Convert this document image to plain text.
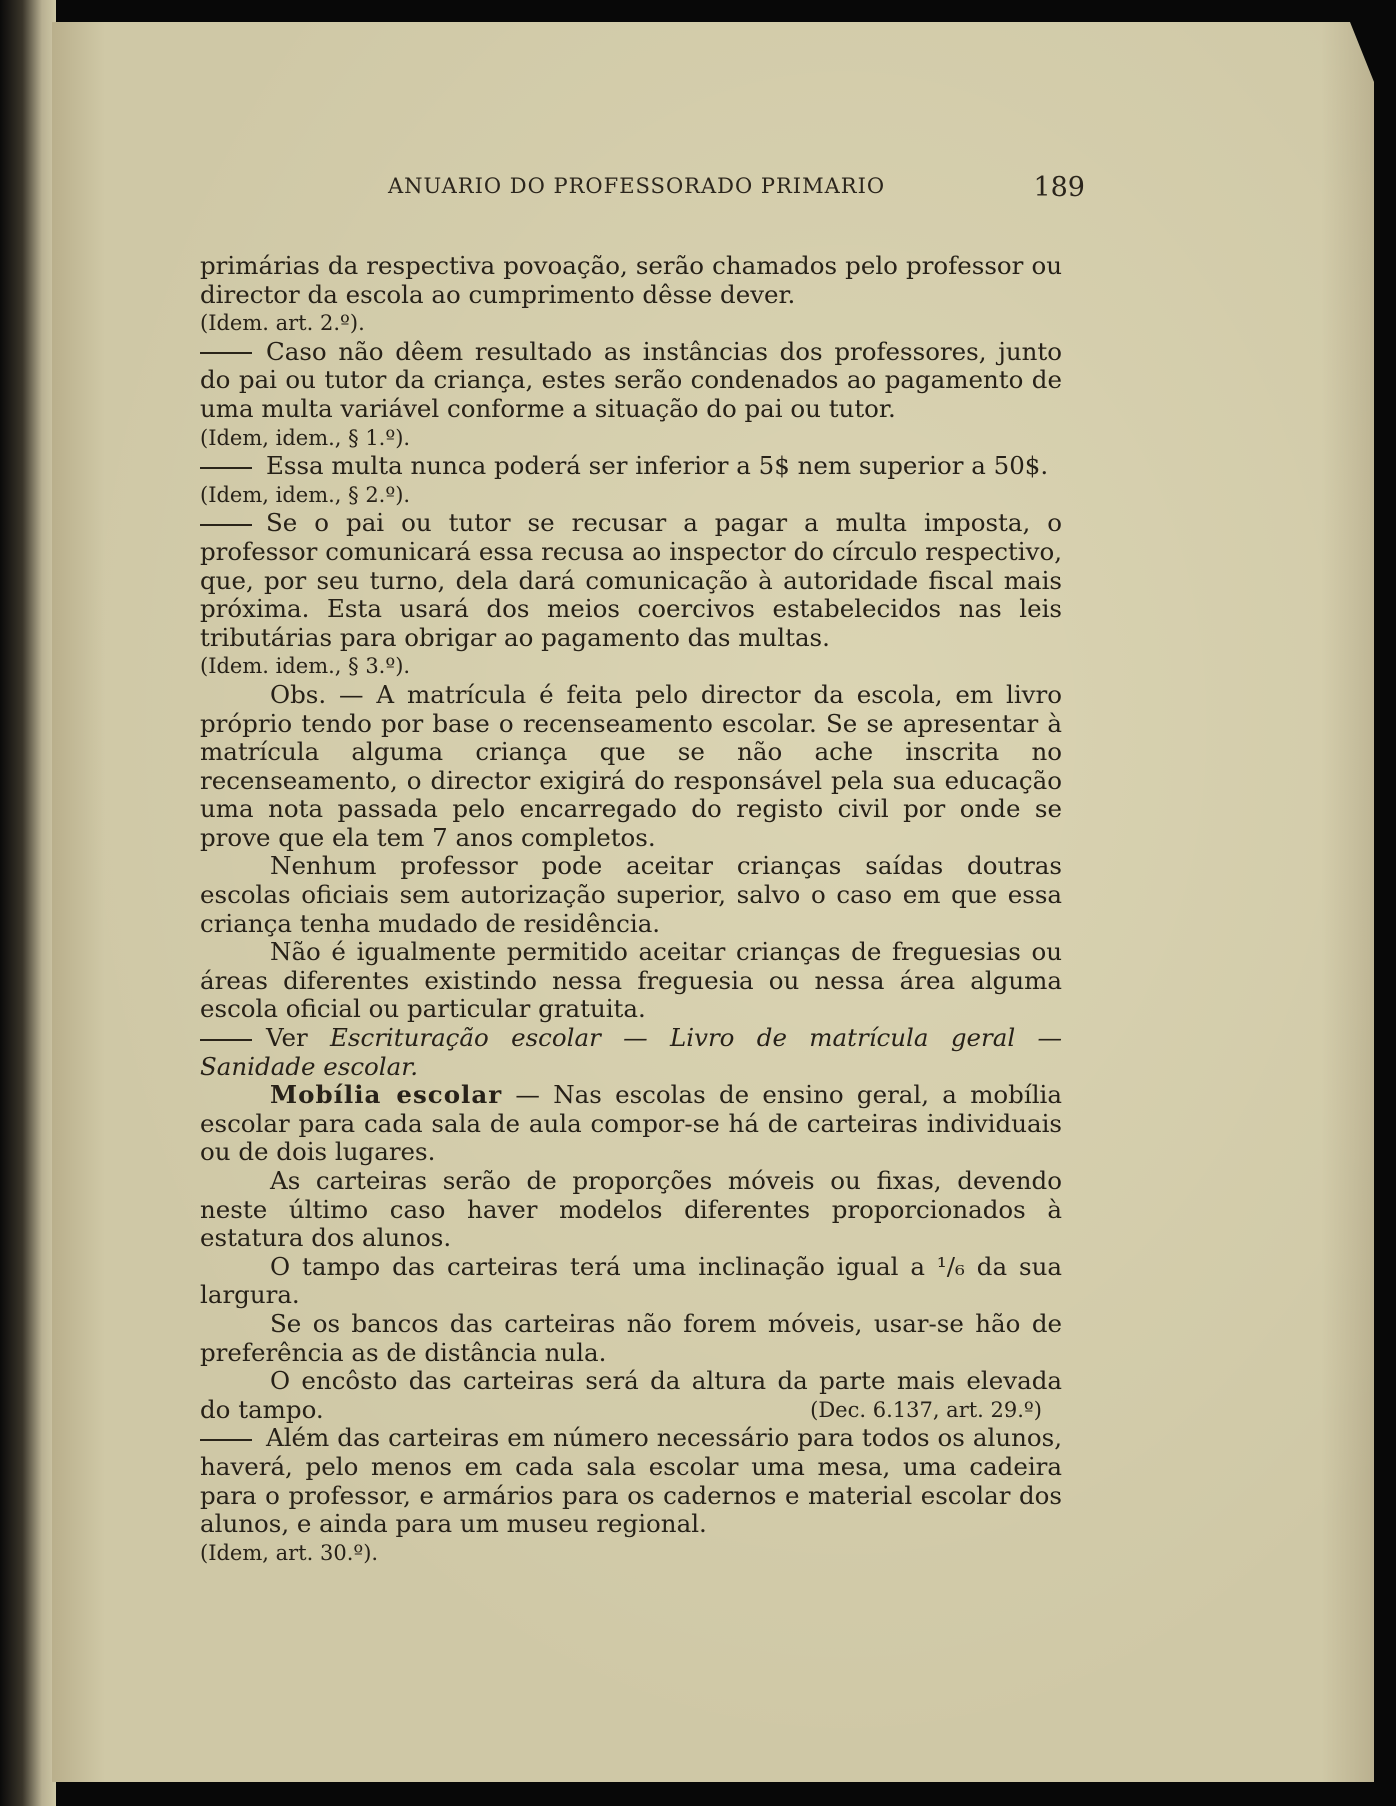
ANUARIO DO PROFESSORADO PRIMARIO	189

primárias da respectiva povoação, serão chamados pelo professor ou director da escola ao cumprimento dêsse dever.

(Idem. art. 2.º).

Caso não dêem resultado as instâncias dos professores, junto do pai ou tutor da criança, estes serão condenados ao pagamento de uma multa variável conforme a situação do pai ou tutor.

(Idem, idem., § 1.º).

Essa multa nunca poderá ser inferior a 5$ nem superior a 50$.

(Idem, idem., § 2.º).

Se o pai ou tutor se recusar a pagar a multa imposta, o professor comunicará essa recusa ao inspector do círculo respectivo, que, por seu turno, dela dará comunicação à autoridade fiscal mais próxima. Esta usará dos meios coercivos estabelecidos nas leis tributárias para obrigar ao pagamento das multas.

(Idem. idem., § 3.º).

Obs. — A matrícula é feita pelo director da escola, em livro próprio tendo por base o recenseamento escolar. Se se apresentar à matrícula alguma criança que se não ache inscrita no recenseamento, o director exigirá do responsável pela sua educação uma nota passada pelo encarregado do registo civil por onde se prove que ela tem 7 anos completos.

Nenhum professor pode aceitar crianças saídas doutras escolas oficiais sem autorização superior, salvo o caso em que essa criança tenha mudado de residência.

Não é igualmente permitido aceitar crianças de freguesias ou áreas diferentes existindo nessa freguesia ou nessa área alguma escola oficial ou particular gratuita.

Ver Escrituração escolar — Livro de matrícula geral — Sanidade escolar.

Mobília escolar — Nas escolas de ensino geral, a mobília escolar para cada sala de aula compor-se há de carteiras individuais ou de dois lugares.

As carteiras serão de proporções móveis ou fixas, devendo neste último caso haver modelos diferentes proporcionados à estatura dos alunos.

O tampo das carteiras terá uma inclinação igual a ¹/₆ da sua largura.

Se os bancos das carteiras não forem móveis, usar-se hão de preferência as de distância nula.

O encôsto das carteiras será da altura da parte mais elevada do tampo.	(Dec. 6.137, art. 29.º)

Além das carteiras em número necessário para todos os alunos, haverá, pelo menos em cada sala escolar uma mesa, uma cadeira para o professor, e armários para os cadernos e material escolar dos alunos, e ainda para um museu regional.

(Idem, art. 30.º).
